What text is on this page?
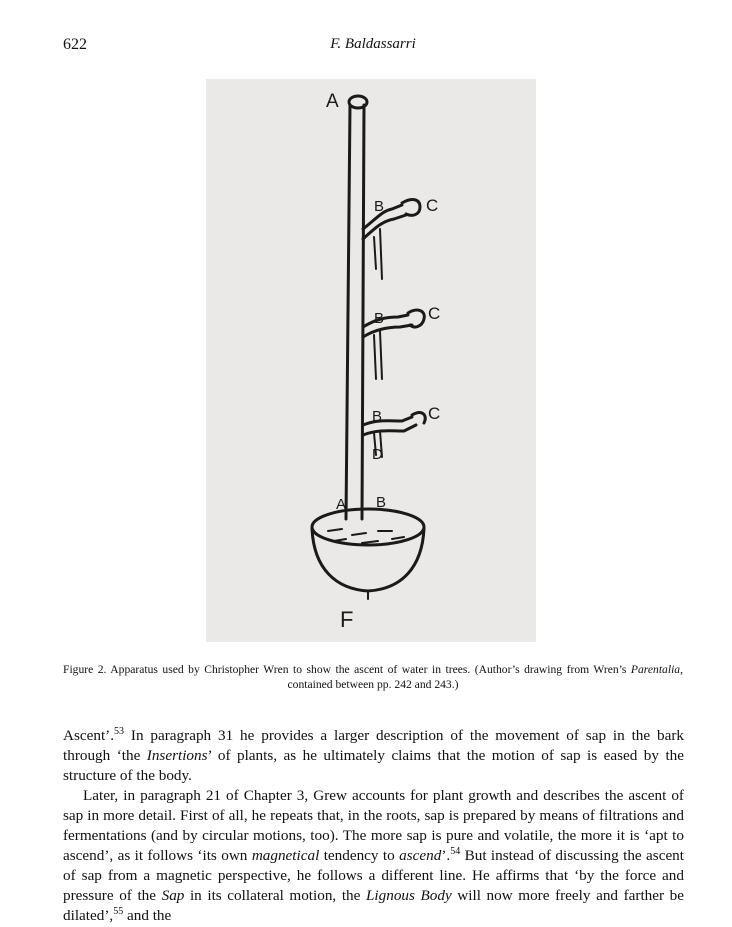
622	F. Baldassarri
A
B C
B	C
B	C
D
A B
F
Figure 2. Apparatus used by Christopher Wren to show the ascent of water in trees. (Author’s drawing from Wren’s Parentalia, contained between pp. 242 and 243.)

Ascent’.$^{53}$ In paragraph 31 he provides a larger description of the movement of sap in the bark through ‘the Insertions’ of plants, as he ultimately claims that the motion of sap is eased by the structure of the body.

Later, in paragraph 21 of Chapter 3, Grew accounts for plant growth and describes the ascent of sap in more detail. First of all, he repeats that, in the roots, sap is prepared by means of filtrations and fermentations (and by circular motions, too). The more sap is pure and volatile, the more it is ‘apt to ascend’, as it follows ‘its own magnetical tendency to ascend’.$^{54}$ But instead of discussing the ascent of sap from a magnetic perspective, he follows a different line. He affirms that ‘by the force and pressure of the Sap in its collateral motion, the Lignous Body will now more freely and farther be dilated’,$^{55}$ and the
